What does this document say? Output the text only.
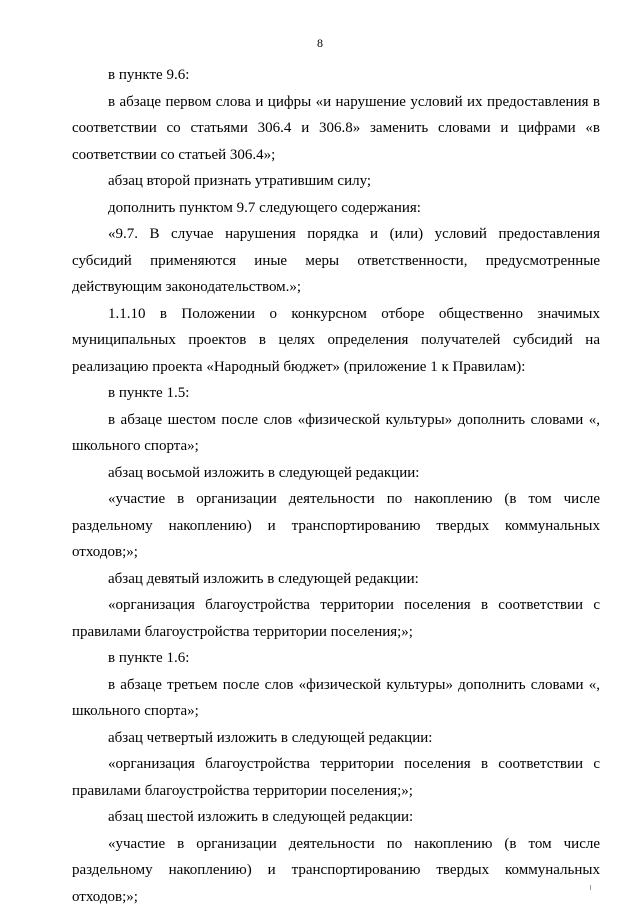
8

в пункте 9.6:

в абзаце первом слова и цифры «и нарушение условий их предоставления в соответствии со статьями 306.4 и 306.8» заменить словами и цифрами «в соответствии со статьей 306.4»;

абзац второй признать утратившим силу;

дополнить пунктом 9.7 следующего содержания:

«9.7. В случае нарушения порядка и (или) условий предоставления субсидий применяются иные меры ответственности, предусмотренные действующим законодательством.»;

1.1.10 в Положении о конкурсном отборе общественно значимых муниципальных проектов в целях определения получателей субсидий на реализацию проекта «Народный бюджет» (приложение 1 к Правилам):

в пункте 1.5:

в абзаце шестом после слов «физической культуры» дополнить словами «, школьного спорта»;

абзац восьмой изложить в следующей редакции:

«участие в организации деятельности по накоплению (в том числе раздельному накоплению) и транспортированию твердых коммунальных отходов;»;

абзац девятый изложить в следующей редакции:

«организация благоустройства территории поселения в соответствии с правилами благоустройства территории поселения;»;

в пункте 1.6:

в абзаце третьем после слов «физической культуры» дополнить словами «, школьного спорта»;

абзац четвертый изложить в следующей редакции:

«организация благоустройства территории поселения в соответствии с правилами благоустройства территории поселения;»;

абзац шестой изложить в следующей редакции:

«участие в организации деятельности по накоплению (в том числе раздельному накоплению) и транспортированию твердых коммунальных отходов;»;
